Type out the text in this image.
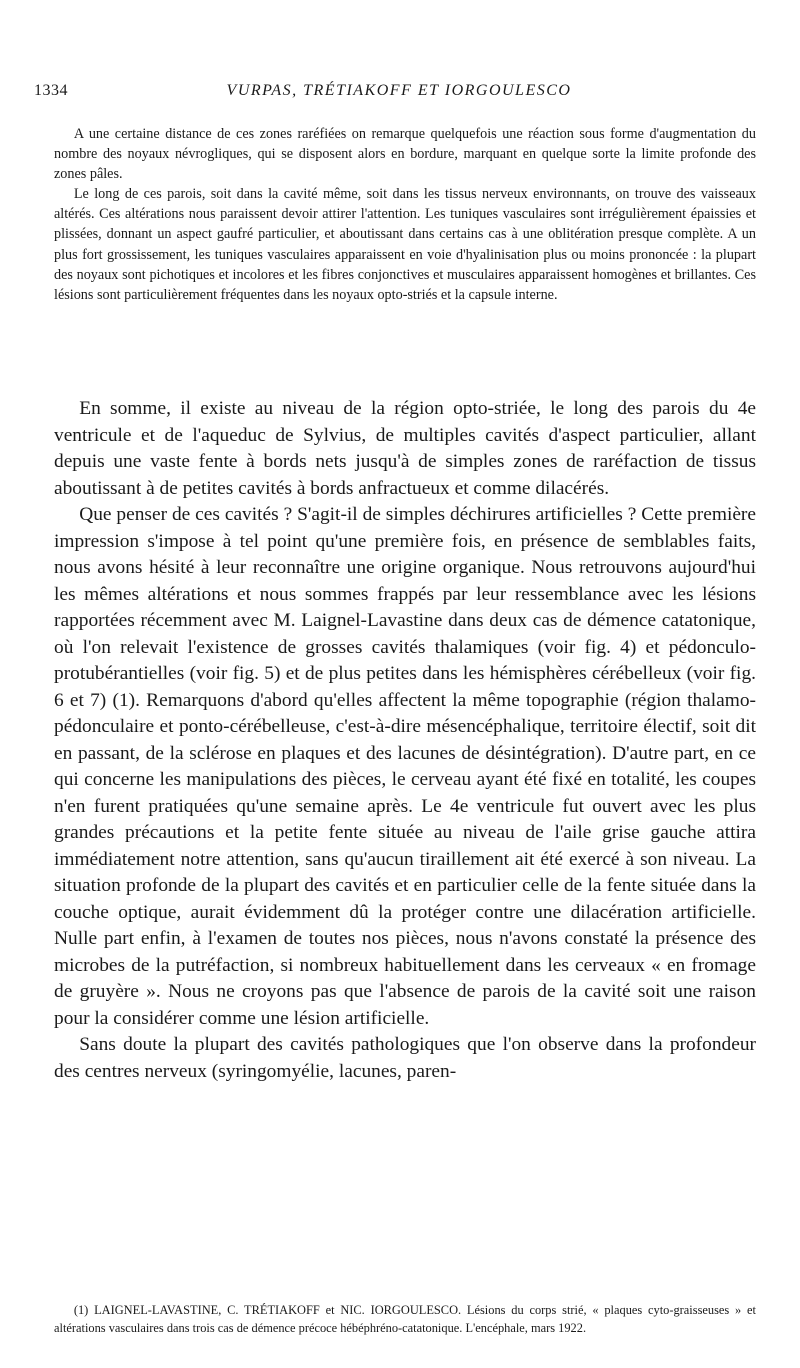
1334	VURPAS, TRÉTIAKOFF ET IORGOULESCO

A une certaine distance de ces zones raréfiées on remarque quelquefois une réaction sous forme d'augmentation du nombre des noyaux névrogliques, qui se disposent alors en bordure, marquant en quelque sorte la limite profonde des zones pâles.

Le long de ces parois, soit dans la cavité même, soit dans les tissus nerveux environnants, on trouve des vaisseaux altérés. Ces altérations nous paraissent devoir attirer l'attention. Les tuniques vasculaires sont irrégulièrement épaissies et plissées, donnant un aspect gaufré particulier, et aboutissant dans certains cas à une oblitération presque complète. A un plus fort grossissement, les tuniques vasculaires apparaissent en voie d'hyalinisation plus ou moins prononcée : la plupart des noyaux sont pichotiques et incolores et les fibres conjonctives et musculaires apparaissent homogènes et brillantes. Ces lésions sont particulièrement fréquentes dans les noyaux opto-striés et la capsule interne.

En somme, il existe au niveau de la région opto-striée, le long des parois du 4e ventricule et de l'aqueduc de Sylvius, de multiples cavités d'aspect particulier, allant depuis une vaste fente à bords nets jusqu'à de simples zones de raréfaction de tissus aboutissant à de petites cavités à bords anfractueux et comme dilacérés.

Que penser de ces cavités ? S'agit-il de simples déchirures artificielles ? Cette première impression s'impose à tel point qu'une première fois, en présence de semblables faits, nous avons hésité à leur reconnaître une origine organique. Nous retrouvons aujourd'hui les mêmes altérations et nous sommes frappés par leur ressemblance avec les lésions rapportées récemment avec M. Laignel-Lavastine dans deux cas de démence catatonique, où l'on relevait l'existence de grosses cavités thalamiques (voir fig. 4) et pédonculo-protubérantielles (voir fig. 5) et de plus petites dans les hémisphères cérébelleux (voir fig. 6 et 7) (1). Remarquons d'abord qu'elles affectent la même topographie (région thalamo-pédonculaire et ponto-cérébelleuse, c'est-à-dire mésencéphalique, territoire électif, soit dit en passant, de la sclérose en plaques et des lacunes de désintégration). D'autre part, en ce qui concerne les manipulations des pièces, le cerveau ayant été fixé en totalité, les coupes n'en furent pratiquées qu'une semaine après. Le 4e ventricule fut ouvert avec les plus grandes précautions et la petite fente située au niveau de l'aile grise gauche attira immédiatement notre attention, sans qu'aucun tiraillement ait été exercé à son niveau. La situation profonde de la plupart des cavités et en particulier celle de la fente située dans la couche optique, aurait évidemment dû la protéger contre une dilacération artificielle. Nulle part enfin, à l'examen de toutes nos pièces, nous n'avons constaté la présence des microbes de la putréfaction, si nombreux habituellement dans les cerveaux « en fromage de gruyère ». Nous ne croyons pas que l'absence de parois de la cavité soit une raison pour la considérer comme une lésion artificielle.

Sans doute la plupart des cavités pathologiques que l'on observe dans la profondeur des centres nerveux (syringomyélie, lacunes, paren-

(1) LAIGNEL-LAVASTINE, C. TRÉTIAKOFF et NIC. IORGOULESCO. Lésions du corps strié, « plaques cyto-graisseuses » et altérations vasculaires dans trois cas de démence précoce hébéphréno-catatonique. L'encéphale, mars 1922.
